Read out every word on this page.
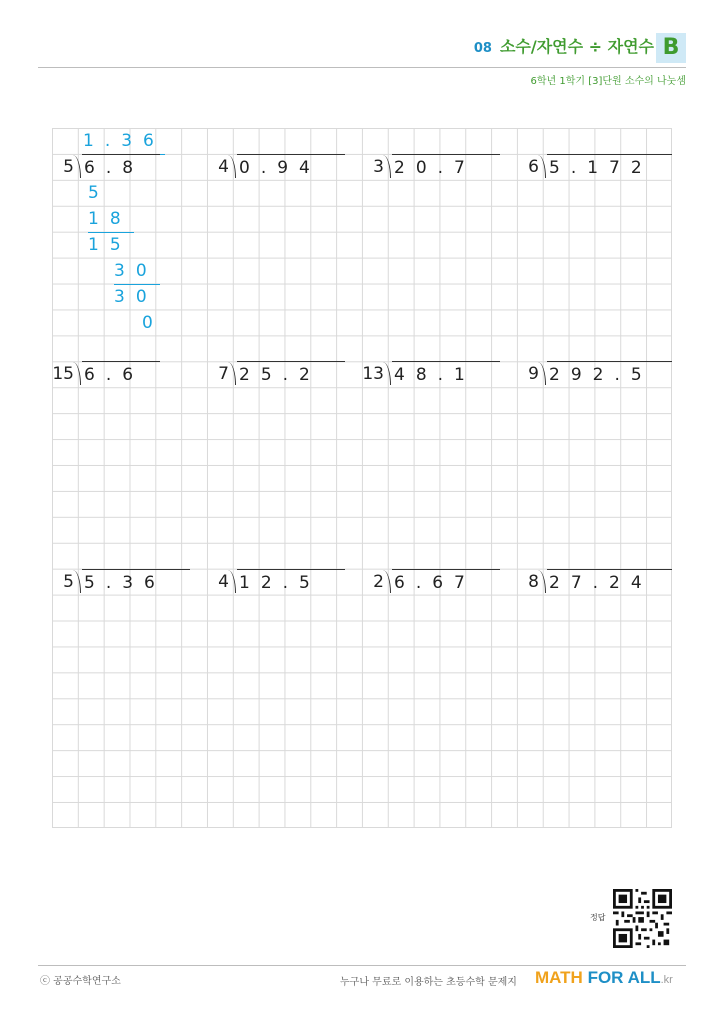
08 소수/자연수 ÷ 자연수 B
6학년 1학기 [3]단원 소수의 나눗셈
1.36
5
18
15
30
30
0
5 6.8	4 0.94	3 20.7	6 5.172
15 6.6	7 25.2	13 48.1	9 292.5
5 5.36	4 12.5	2 6.67	8 27.24
정답
ⓒ 공공수학연구소	누구나 무료로 이용하는 초등수학 문제지 MATH FOR ALL.kr
